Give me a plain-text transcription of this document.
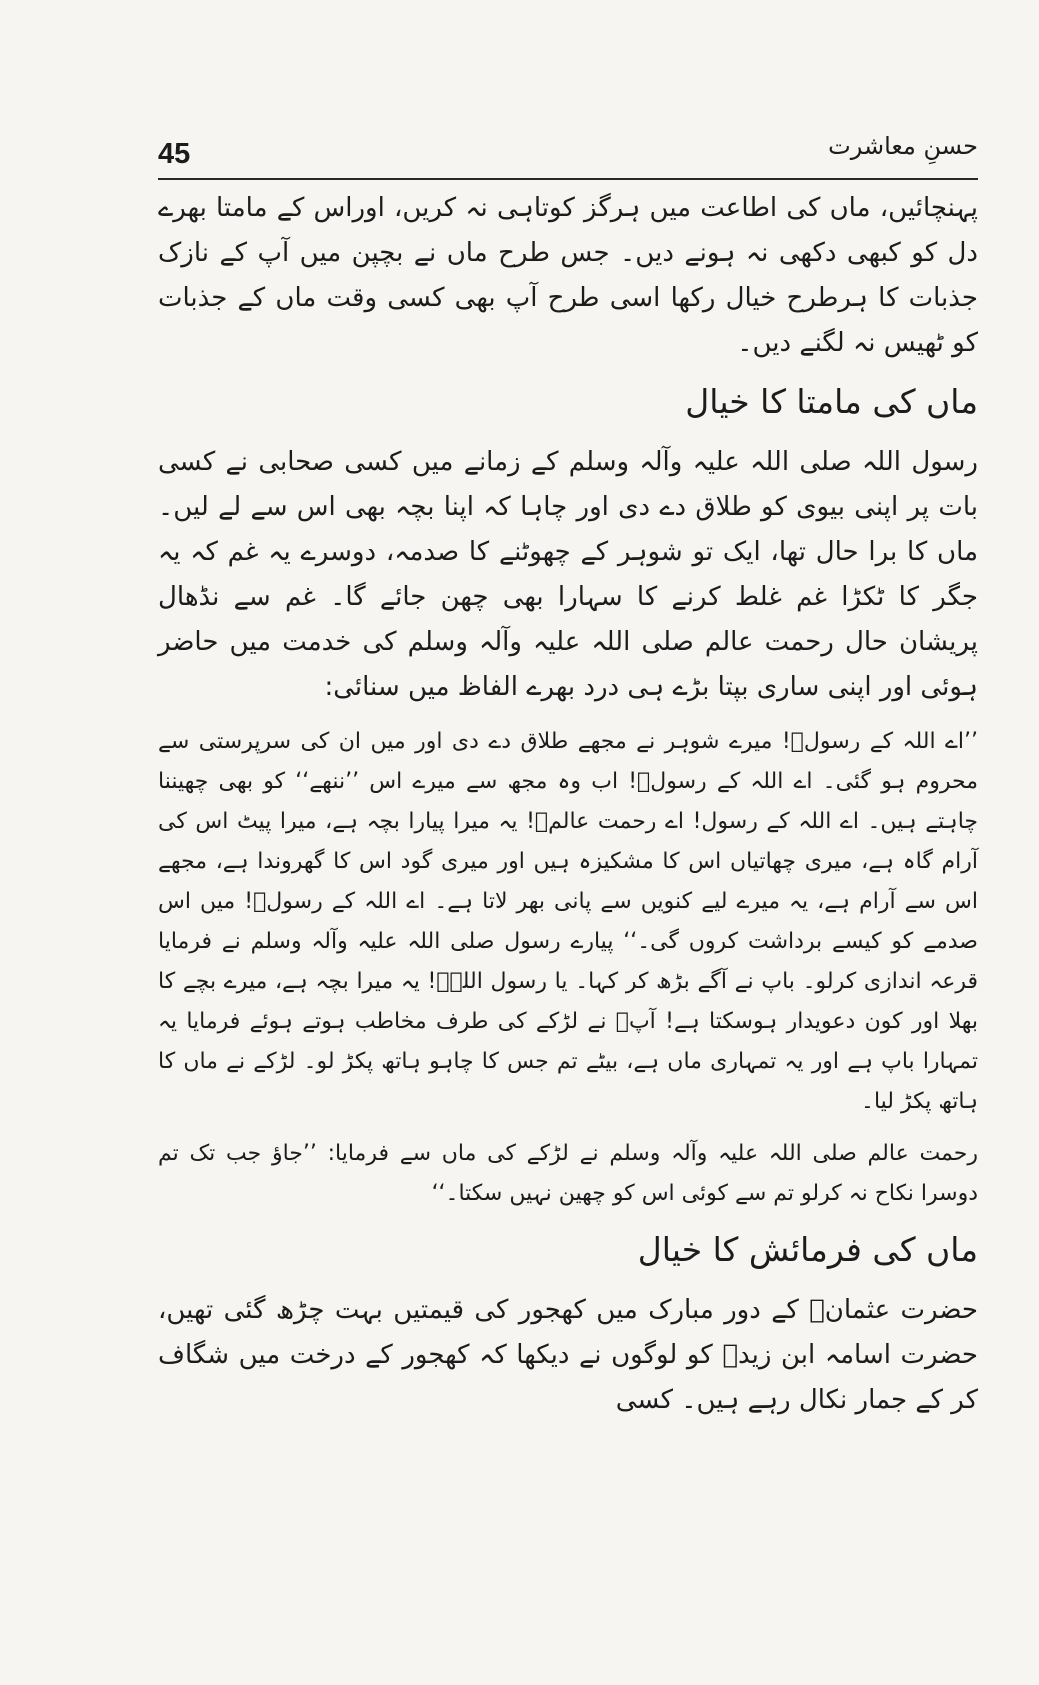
45	حسنِ معاشرت

پہنچائیں، ماں کی اطاعت میں ہرگز کوتاہی نہ کریں، اوراس کے مامتا بھرے دل کو کبھی دکھی نہ ہونے دیں۔ جس طرح ماں نے بچپن میں آپ کے نازک جذبات کا ہرطرح خیال رکھا اسی طرح آپ بھی کسی وقت ماں کے جذبات کو ٹھیس نہ لگنے دیں۔

ماں کی مامتا کا خیال

رسول اللہ صلی اللہ علیہ وآلہ وسلم کے زمانے میں کسی صحابی نے کسی بات پر اپنی بیوی کو طلاق دے دی اور چاہا کہ اپنا بچہ بھی اس سے لے لیں۔ ماں کا برا حال تھا، ایک تو شوہر کے چھوٹنے کا صدمہ، دوسرے یہ غم کہ یہ جگر کا ٹکڑا غم غلط کرنے کا سہارا بھی چھن جائے گا۔ غم سے نڈھال پریشان حال رحمت عالم صلی اللہ علیہ وآلہ وسلم کی خدمت میں حاضر ہوئی اور اپنی ساری بپتا بڑے ہی درد بھرے الفاظ میں سنائی:

’’اے اللہ کے رسولؐ! میرے شوہر نے مجھے طلاق دے دی اور میں ان کی سرپرستی سے محروم ہو گئی۔ اے اللہ کے رسولؐ! اب وہ مجھ سے میرے اس ’’ننھے‘‘ کو بھی چھیننا چاہتے ہیں۔ اے اللہ کے رسول! اے رحمت عالمؐ! یہ میرا پیارا بچہ ہے، میرا پیٹ اس کی آرام گاہ ہے، میری چھاتیاں اس کا مشکیزہ ہیں اور میری گود اس کا گھروندا ہے، مجھے اس سے آرام ہے، یہ میرے لیے کنویں سے پانی بھر لاتا ہے۔ اے اللہ کے رسولؐ! میں اس صدمے کو کیسے برداشت کروں گی۔‘‘ پیارے رسول صلی اللہ علیہ وآلہ وسلم نے فرمایا قرعہ اندازی کرلو۔ باپ نے آگے بڑھ کر کہا۔ یا رسول اللہؐ! یہ میرا بچہ ہے، میرے بچے کا بھلا اور کون دعویدار ہوسکتا ہے! آپؐ نے لڑکے کی طرف مخاطب ہوتے ہوئے فرمایا یہ تمہارا باپ ہے اور یہ تمہاری ماں ہے، بیٹے تم جس کا چاہو ہاتھ پکڑ لو۔ لڑکے نے ماں کا ہاتھ پکڑ لیا۔

رحمت عالم صلی اللہ علیہ وآلہ وسلم نے لڑکے کی ماں سے فرمایا: ’’جاؤ جب تک تم دوسرا نکاح نہ کرلو تم سے کوئی اس کو چھین نہیں سکتا۔‘‘

ماں کی فرمائش کا خیال

حضرت عثمانؓ کے دور مبارک میں کھجور کی قیمتیں بہت چڑھ گئی تھیں، حضرت اسامہ ابن زیدؓ کو لوگوں نے دیکھا کہ کھجور کے درخت میں شگاف کر کے جمار نکال رہے ہیں۔ کسی
